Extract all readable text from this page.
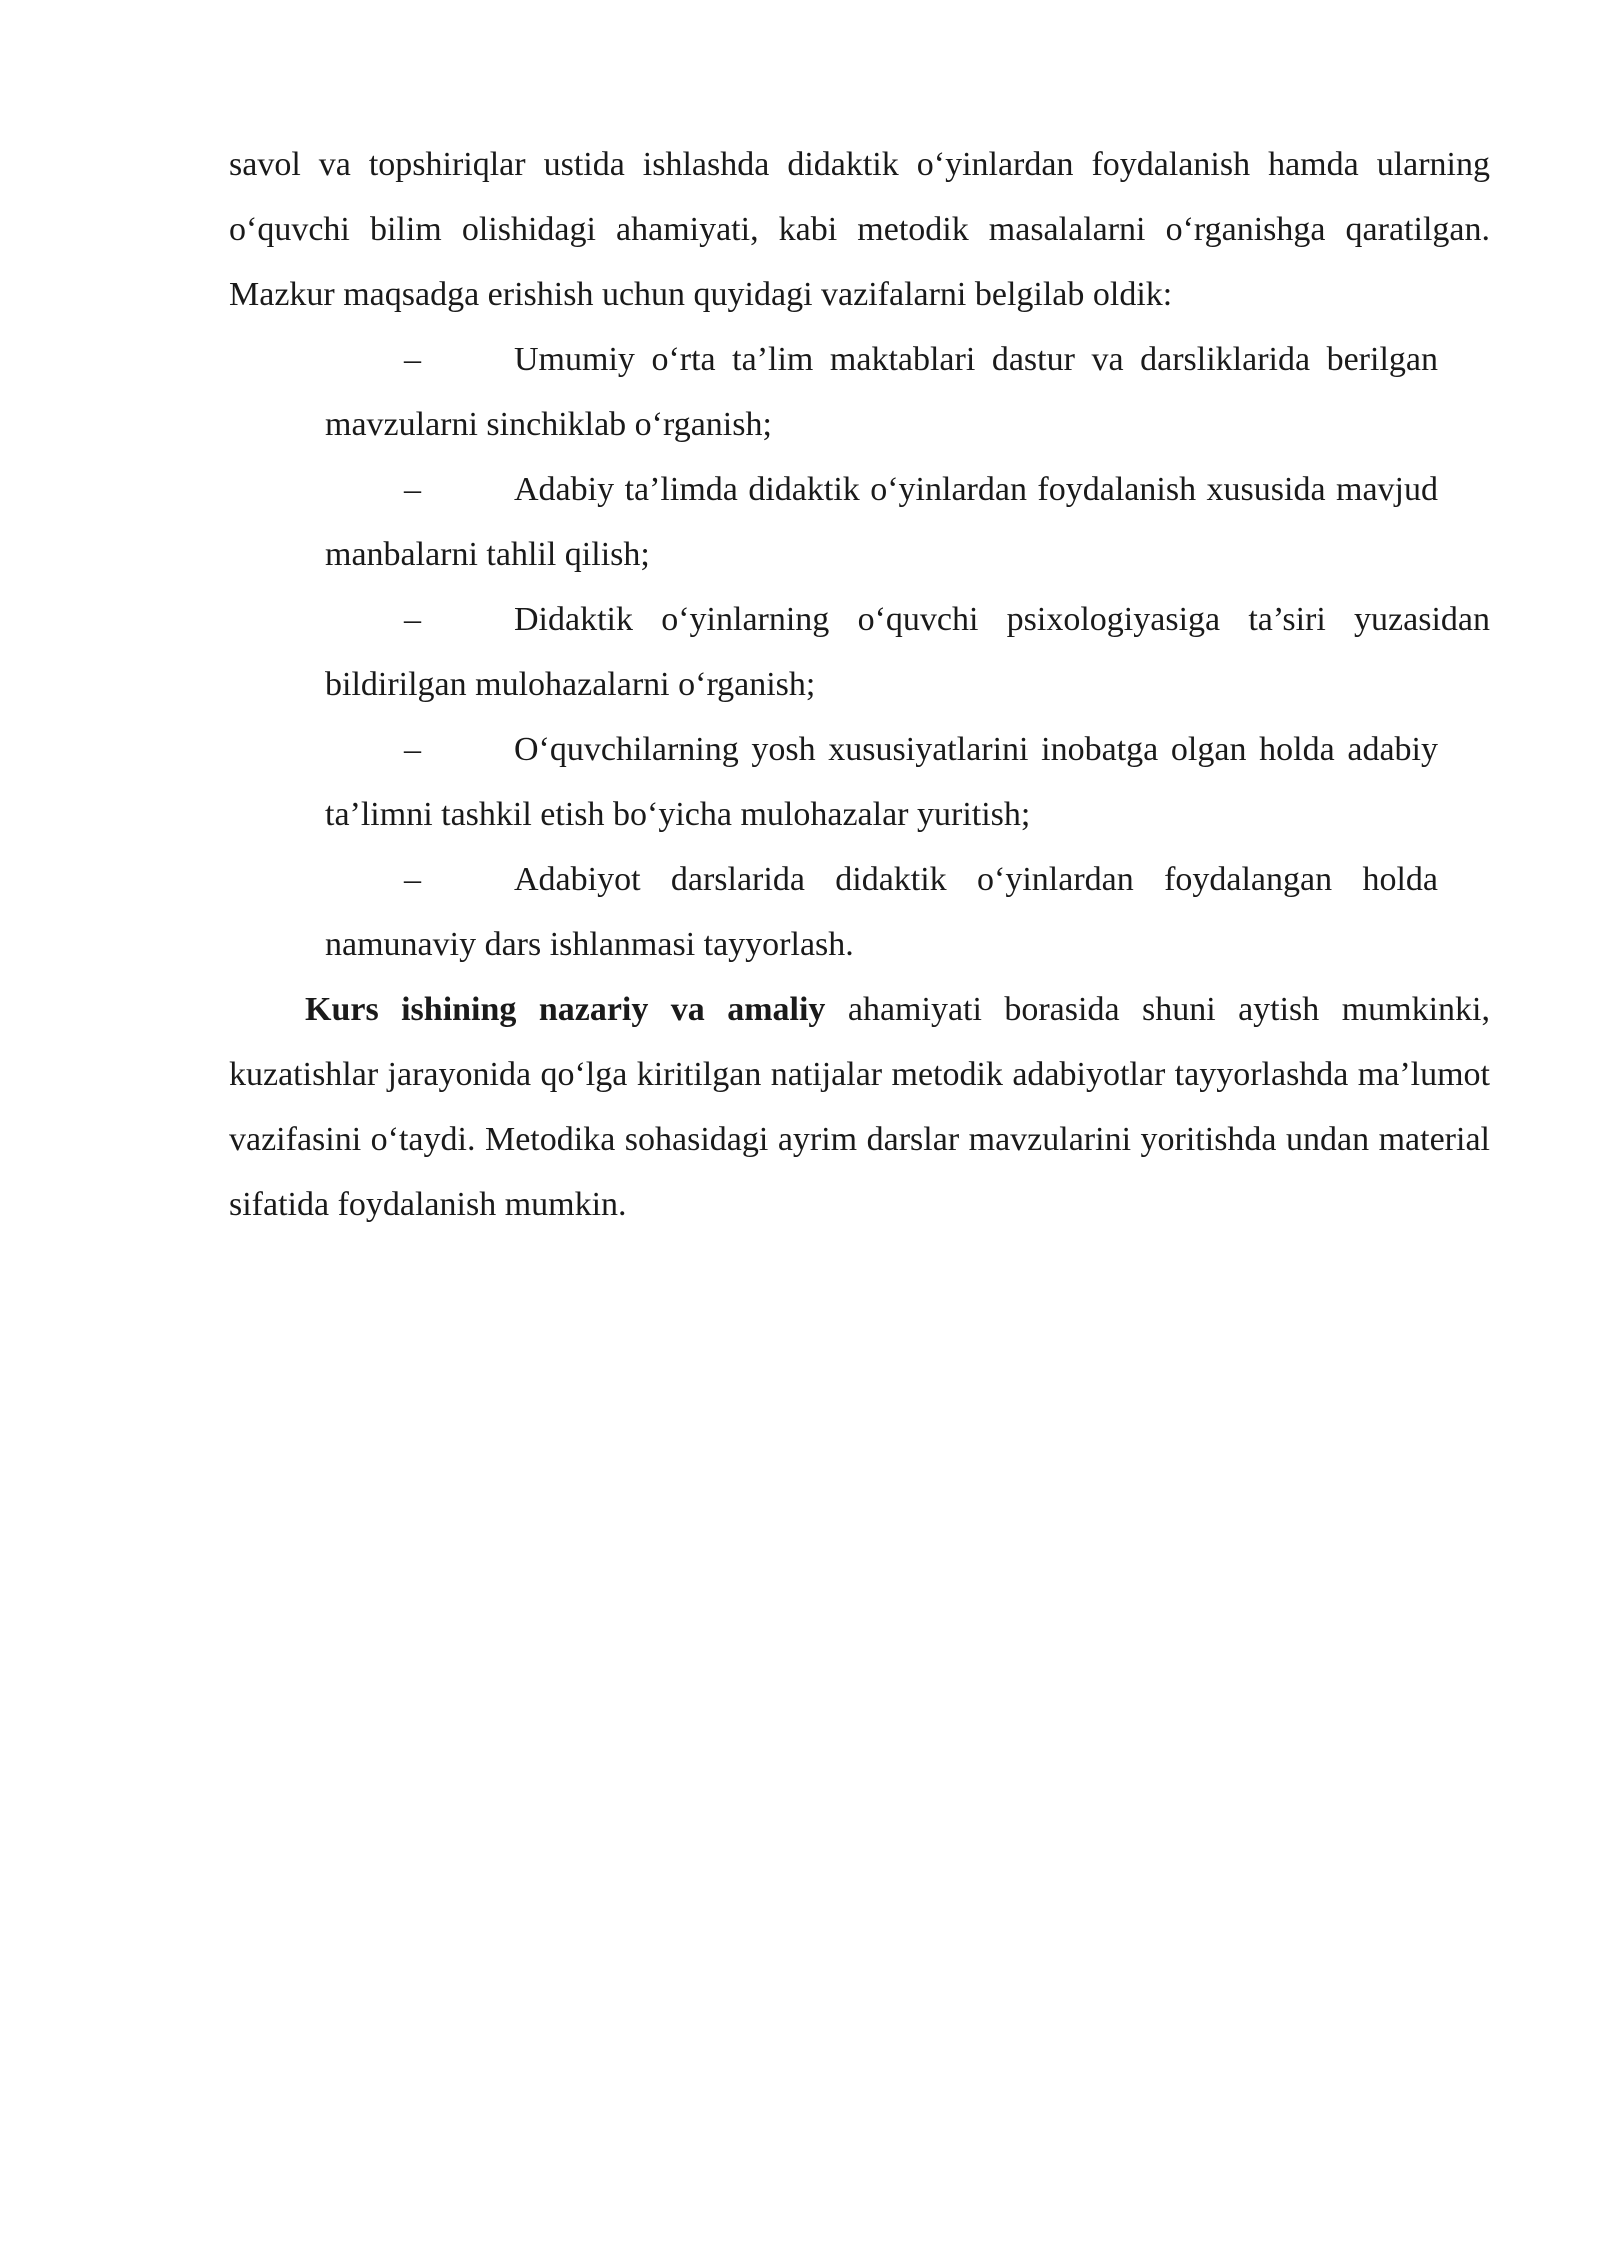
savol va topshiriqlar ustida ishlashda didaktik o‘yinlardan foydalanish hamda ularning o‘quvchi bilim olishidagi ahamiyati, kabi metodik masalalarni o‘rganishga qaratilgan. Mazkur maqsadga erishish uchun quyidagi vazifalarni belgilab oldik:

–	Umumiy o‘rta ta’lim maktablari dastur va darsliklarida berilgan mavzularni sinchiklab o‘rganish;
–	Adabiy ta’limda didaktik o‘yinlardan foydalanish xususida mavjud manbalarni tahlil qilish;
–	Didaktik o‘yinlarning o‘quvchi psixologiyasiga ta’siri yuzasidan bildirilgan mulohazalarni o‘rganish;
–	O‘quvchilarning yosh xususiyatlarini inobatga olgan holda adabiy ta’limni tashkil etish bo‘yicha mulohazalar yuritish;
–	Adabiyot darslarida didaktik o‘yinlardan foydalangan holda namunaviy dars ishlanmasi tayyorlash.

Kurs ishining nazariy va amaliy ahamiyati borasida shuni aytish mumkinki, kuzatishlar jarayonida qo‘lga kiritilgan natijalar metodik adabiyotlar tayyorlashda ma’lumot vazifasini o‘taydi. Metodika sohasidagi ayrim darslar mavzularini yoritishda undan material sifatida foydalanish mumkin.
